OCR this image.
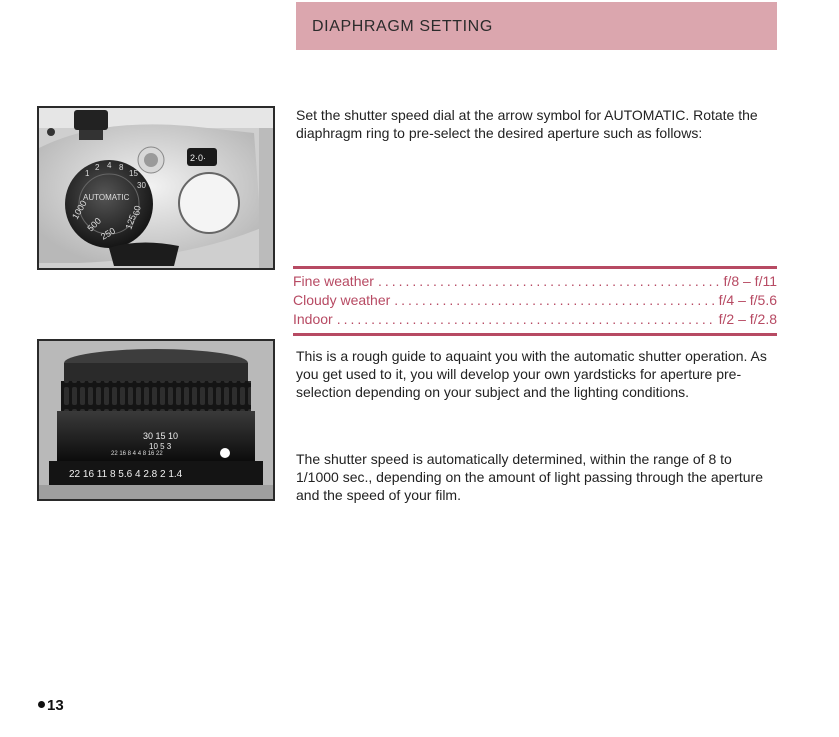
DIAPHRAGM SETTING
AUTOMATIC
1000
500
250
125
60
30
15
8
4
2
1
2·0·
Set the shutter speed dial at the arrow symbol for AUTOMATIC. Rotate the diaphragm ring to pre-select the desired aperture such as follows:
Fine weather .....	f/8 – f/11
Cloudy weather .....	f/4 – f/5.6
Indoor .....	f/2 – f/2.8
30 15 10
10 5 3
22 16 8 4 4 8 16 22
22 16 11 8 5.6 4 2.8 2 1.4
This is a rough guide to aquaint you with the automatic shutter operation. As you get used to it, you will develop your own yardsticks for aperture pre-selection depending on your subject and the lighting conditions.
The shutter speed is automatically determined, within the range of 8 to 1/1000 sec., depending on the amount of light passing through the aperture and the speed of your film.
13
